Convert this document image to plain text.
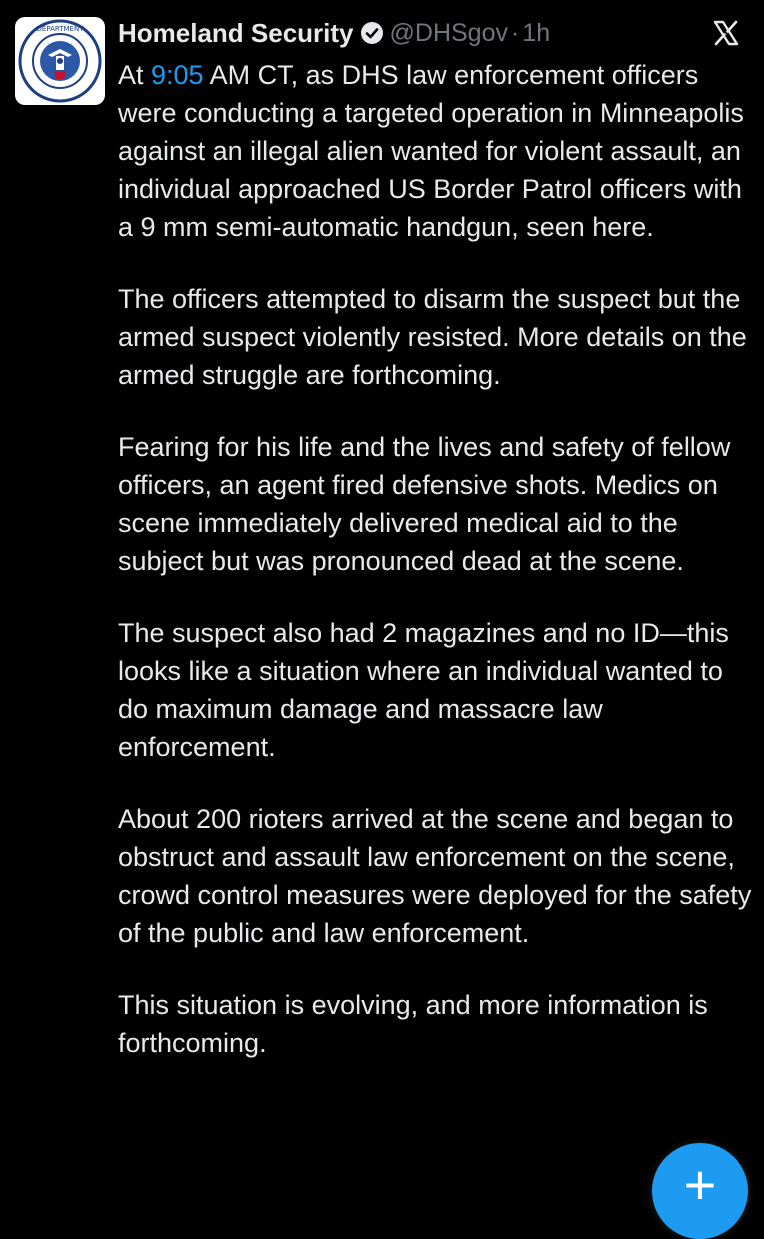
DEPARTMENT Homeland Security @DHSgov · 1h

At 9:05 AM CT, as DHS law enforcement officers were conducting a targeted operation in Minneapolis against an illegal alien wanted for violent assault, an individual approached US Border Patrol officers with a 9 mm semi-automatic handgun, seen here.

The officers attempted to disarm the suspect but the armed suspect violently resisted. More details on the armed struggle are forthcoming.

Fearing for his life and the lives and safety of fellow officers, an agent fired defensive shots. Medics on scene immediately delivered medical aid to the subject but was pronounced dead at the scene.

The suspect also had 2 magazines and no ID—this looks like a situation where an individual wanted to do maximum damage and massacre law enforcement.

About 200 rioters arrived at the scene and began to obstruct and assault law enforcement on the scene, crowd control measures were deployed for the safety of the public and law enforcement.

This situation is evolving, and more information is forthcoming.

+
